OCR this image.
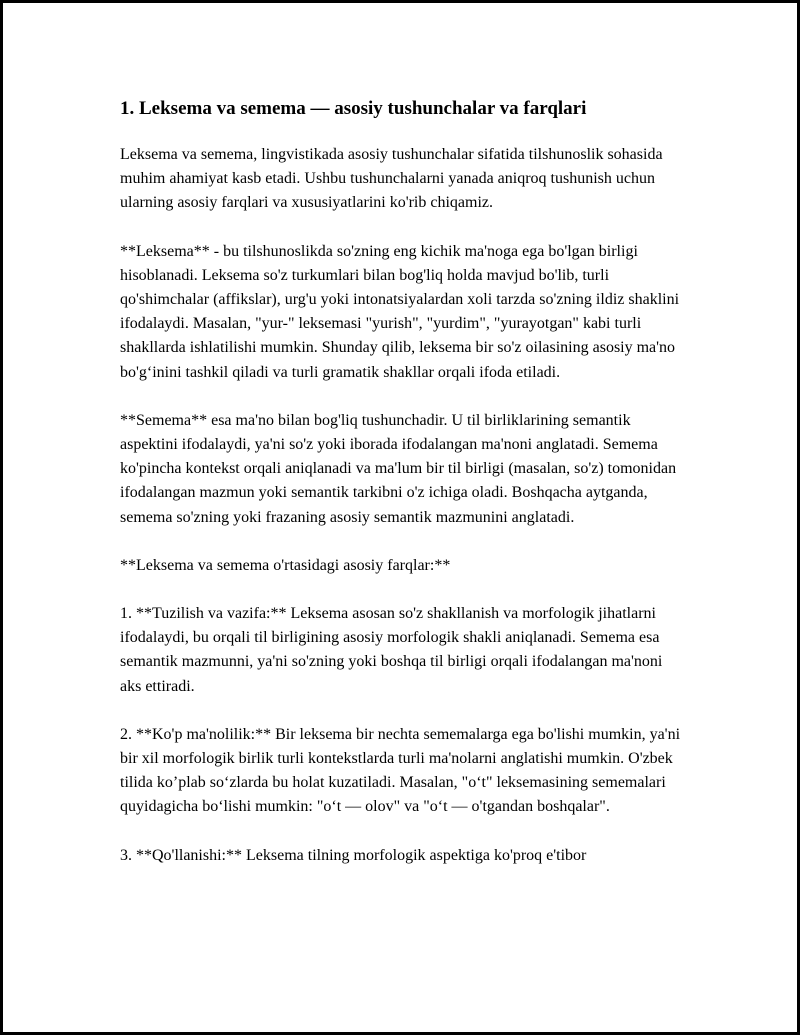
1. Leksema va semema — asosiy tushunchalar va farqlari

Leksema va semema, lingvistikada asosiy tushunchalar sifatida tilshunoslik sohasida muhim ahamiyat kasb etadi. Ushbu tushunchalarni yanada aniqroq tushunish uchun ularning asosiy farqlari va xususiyatlarini ko'rib chiqamiz.

**Leksema** - bu tilshunoslikda so'zning eng kichik ma'noga ega bo'lgan birligi hisoblanadi. Leksema so'z turkumlari bilan bog'liq holda mavjud bo'lib, turli qo'shimchalar (affikslar), urg'u yoki intonatsiyalardan xoli tarzda so'zning ildiz shaklini ifodalaydi. Masalan, "yur-" leksemasi "yurish", "yurdim", "yurayotgan" kabi turli shakllarda ishlatilishi mumkin. Shunday qilib, leksema bir so'z oilasining asosiy ma'no bo'g‘inini tashkil qiladi va turli gramatik shakllar orqali ifoda etiladi.

**Semema** esa ma'no bilan bog'liq tushunchadir. U til birliklarining semantik aspektini ifodalaydi, ya'ni so'z yoki iborada ifodalangan ma'noni anglatadi. Semema ko'pincha kontekst orqali aniqlanadi va ma'lum bir til birligi (masalan, so'z) tomonidan ifodalangan mazmun yoki semantik tarkibni o'z ichiga oladi. Boshqacha aytganda, semema so'zning yoki frazaning asosiy semantik mazmunini anglatadi.

**Leksema va semema o'rtasidagi asosiy farqlar:**

1. **Tuzilish va vazifa:** Leksema asosan so'z shakllanish va morfologik jihatlarni ifodalaydi, bu orqali til birligining asosiy morfologik shakli aniqlanadi. Semema esa semantik mazmunni, ya'ni so'zning yoki boshqa til birligi orqali ifodalangan ma'noni aks ettiradi.

2. **Ko'p ma'nolilik:** Bir leksema bir nechta sememalarga ega bo'lishi mumkin, ya'ni bir xil morfologik birlik turli kontekstlarda turli ma'nolarni anglatishi mumkin. O'zbek tilida ko’plab so‘zlarda bu holat kuzatiladi. Masalan, "o‘t" leksemasining sememalari quyidagicha bo‘lishi mumkin: "o‘t — olov" va "o‘t — o'tgandan boshqalar".

3. **Qo'llanishi:** Leksema tilning morfologik aspektiga ko'proq e'tibor
